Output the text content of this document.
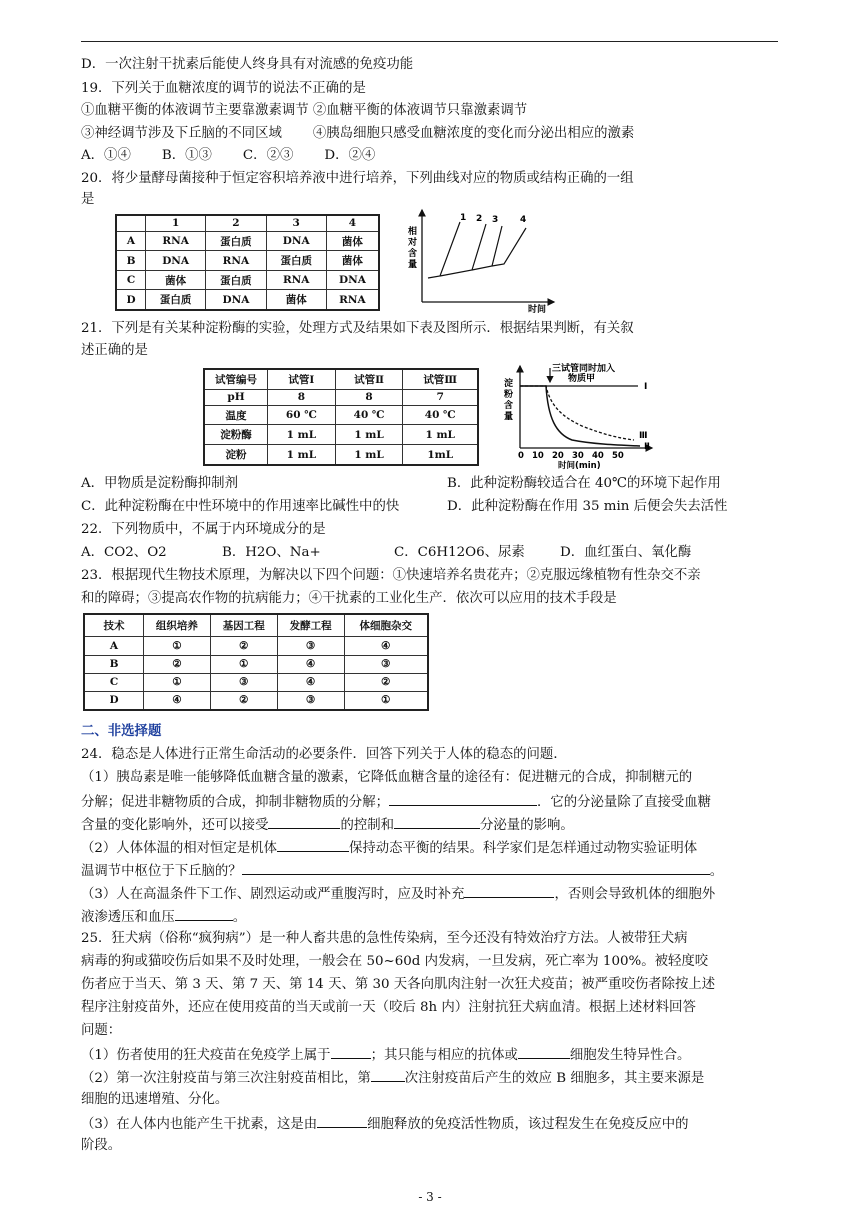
D．一次注射干扰素后能使人终身具有对流感的免疫功能
19．下列关于血糖浓度的调节的说法不正确的是
①血糖平衡的体液调节主要靠激素调节 ②血糖平衡的体液调节只靠激素调节
③神经调节涉及下丘脑的不同区域　　 ④胰岛细胞只感受血糖浓度的变化而分泌出相应的激素
A．①④　　 B．①③　　 C．②③　　 D．②④
20．将少量酵母菌接种于恒定容积培养液中进行培养，下列曲线对应的物质或结构正确的一组
是
	1	2	3	4
A	RNA	蛋白质	DNA	菌体
B	DNA	RNA	蛋白质	菌体
C	菌体	蛋白质	RNA	DNA
D	蛋白质	DNA	菌体	RNA
相
对
含
量
时间
1 2 3 4
21．下列是有关某种淀粉酶的实验，处理方式及结果如下表及图所示．根据结果判断，有关叙
述正确的是
试管编号	试管Ⅰ	试管Ⅱ	试管Ⅲ
pH	8	8	7
温度	60 ℃	40 ℃	40 ℃
淀粉酶	1 mL	1 mL	1 mL
淀粉	1 mL	1 mL	1mL
三试管同时加入
物质甲
淀
粉
含
量
Ⅰ
Ⅲ
Ⅱ
0 10 20 30 40 50
时间(min)
A．甲物质是淀粉酶抑制剂	B．此种淀粉酶较适合在 40℃的环境下起作用
C．此种淀粉酶在中性环境中的作用速率比碱性中的快	D．此种淀粉酶在作用 35 min 后便会失去活性
22．下列物质中，不属于内环境成分的是
A．CO2、O2	B．H2O、Na+	C．C6H12O6、尿素	D．血红蛋白、氧化酶
23．根据现代生物技术原理，为解决以下四个问题：①快速培养名贵花卉；②克服远缘植物有性杂交不亲
和的障碍；③提高农作物的抗病能力；④干扰素的工业化生产．依次可以应用的技术手段是
技术	组织培养	基因工程	发酵工程	体细胞杂交
A	①	②	③	④
B	②	①	④	③
C	①	③	④	②
D	④	②	③	①
二、非选择题
24．稳态是人体进行正常生命活动的必要条件．回答下列关于人体的稳态的问题．
（1）胰岛素是唯一能够降低血糖含量的激素，它降低血糖含量的途径有：促进糖元的合成，抑制糖元的
分解；促进非糖物质的合成，抑制非糖物质的分解；	．它的分泌量除了直接受血糖
含量的变化影响外，还可以接受	的控制和	分泌量的影响。
（2）人体体温的相对恒定是机体	保持动态平衡的结果。科学家们是怎样通过动物实验证明体
温调节中枢位于下丘脑的？	。
（3）人在高温条件下工作、剧烈运动或严重腹泻时，应及时补充	，否则会导致机体的细胞外
液渗透压和血压	。
25．狂犬病（俗称“疯狗病”）是一种人畜共患的急性传染病，至今还没有特效治疗方法。人被带狂犬病
病毒的狗或猫咬伤后如果不及时处理，一般会在 50~60d 内发病，一旦发病，死亡率为 100%。被轻度咬
伤者应于当天、第 3 天、第 7 天、第 14 天、第 30 天各向肌肉注射一次狂犬疫苗；被严重咬伤者除按上述
程序注射疫苗外，还应在使用疫苗的当天或前一天（咬后 8h 内）注射抗狂犬病血清。根据上述材料回答
问题：
（1）伤者使用的狂犬疫苗在免疫学上属于	；其只能与相应的抗体或	细胞发生特异性合。
（2）第一次注射疫苗与第三次注射疫苗相比，第	次注射疫苗后产生的效应 B 细胞多，其主要来源是
细胞的迅速增殖、分化。
（3）在人体内也能产生干扰素，这是由	细胞释放的免疫活性物质，该过程发生在免疫反应中的
阶段。
- 3 -
